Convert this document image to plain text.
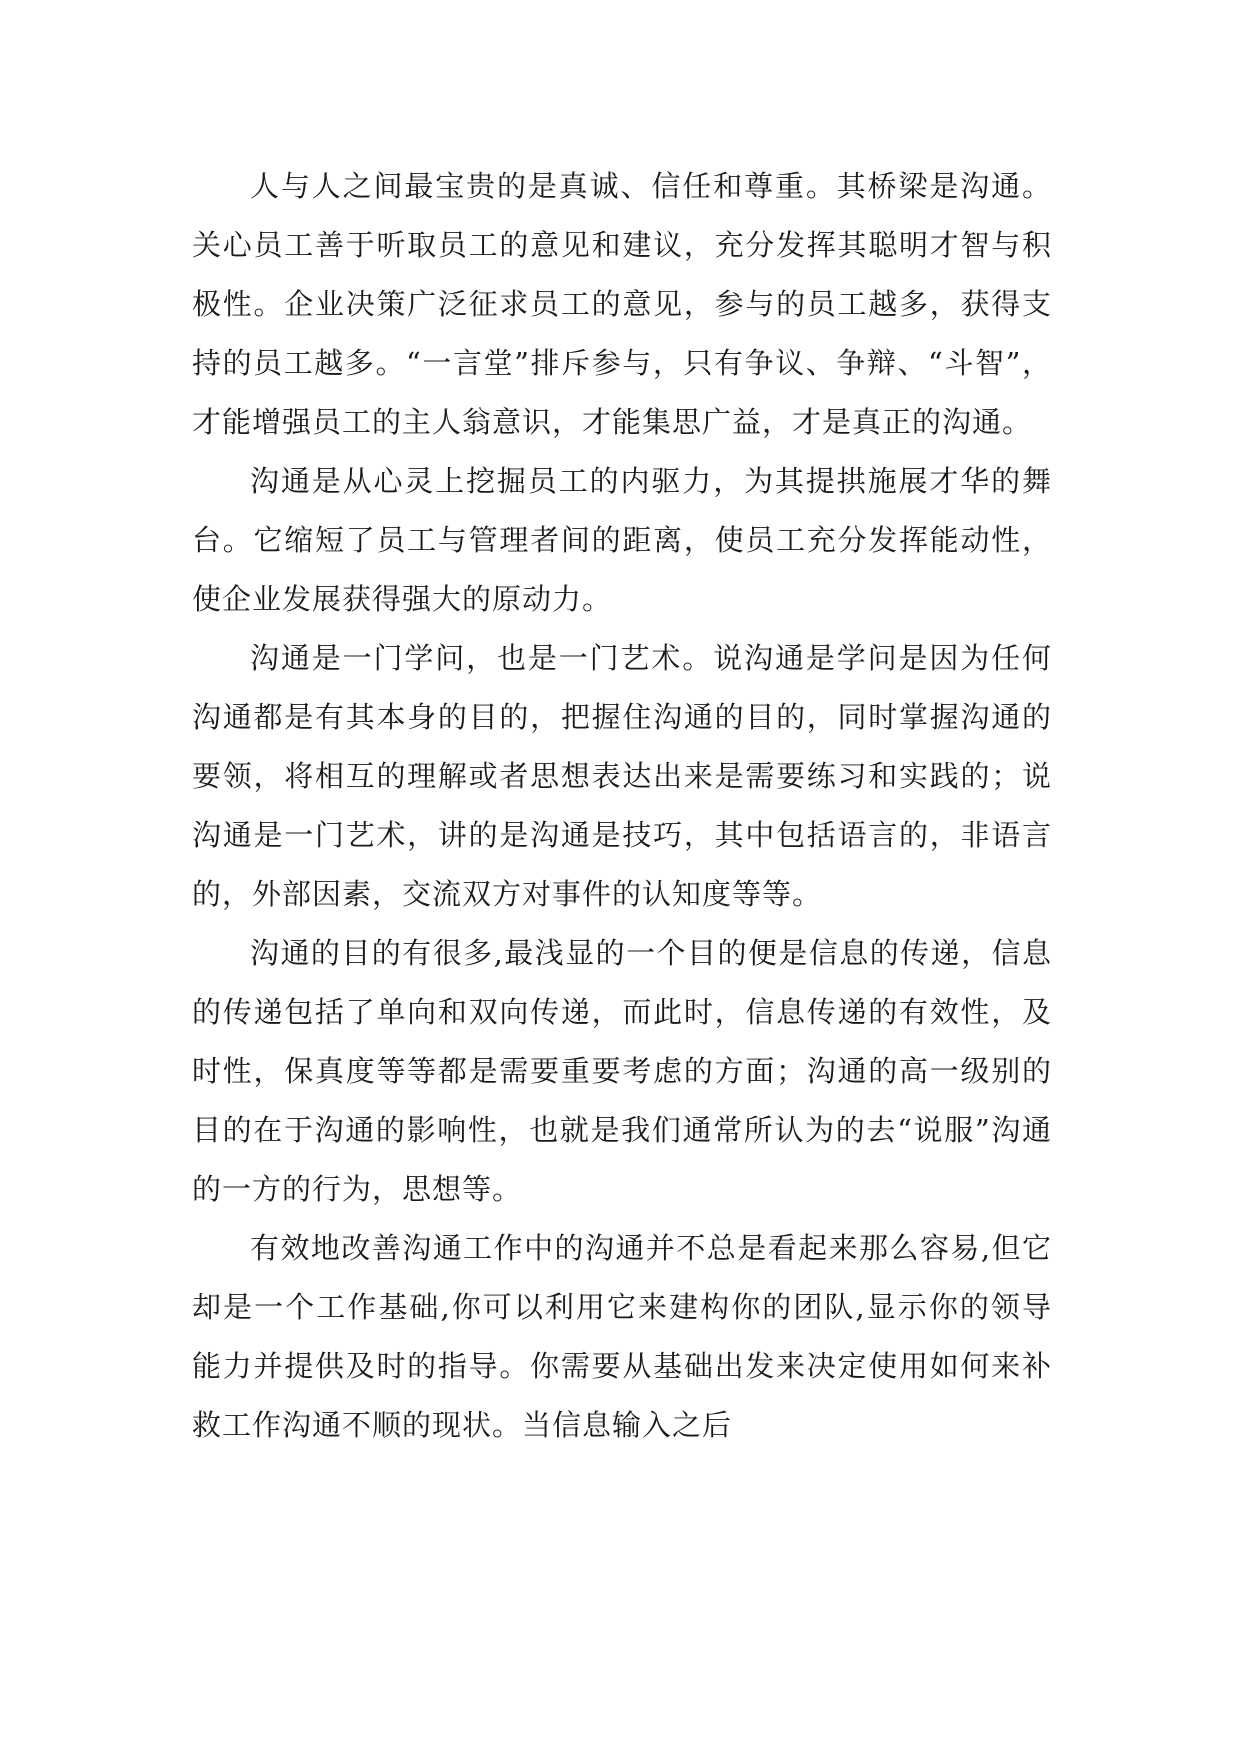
人与人之间最宝贵的是真诚、信任和尊重。其桥梁是沟通。关心员工善于听取员工的意见和建议，充分发挥其聪明才智与积极性。企业决策广泛征求员工的意见，参与的员工越多，获得支持的员工越多。“一言堂”排斥参与，只有争议、争辩、“斗智”，才能增强员工的主人翁意识，才能集思广益，才是真正的沟通。

沟通是从心灵上挖掘员工的内驱力，为其提拱施展才华的舞台。它缩短了员工与管理者间的距离，使员工充分发挥能动性，使企业发展获得强大的原动力。

沟通是一门学问，也是一门艺术。说沟通是学问是因为任何沟通都是有其本身的目的，把握住沟通的目的，同时掌握沟通的要领，将相互的理解或者思想表达出来是需要练习和实践的；说沟通是一门艺术，讲的是沟通是技巧，其中包括语言的，非语言的，外部因素，交流双方对事件的认知度等等。

沟通的目的有很多,最浅显的一个目的便是信息的传递，信息的传递包括了单向和双向传递，而此时，信息传递的有效性，及时性，保真度等等都是需要重要考虑的方面；沟通的高一级别的目的在于沟通的影响性，也就是我们通常所认为的去“说服”沟通的一方的行为，思想等。

有效地改善沟通工作中的沟通并不总是看起来那么容易,但它却是一个工作基础,你可以利用它来建构你的团队,显示你的领导能力并提供及时的指导。你需要从基础出发来决定使用如何来补救工作沟通不顺的现状。当信息输入之后
